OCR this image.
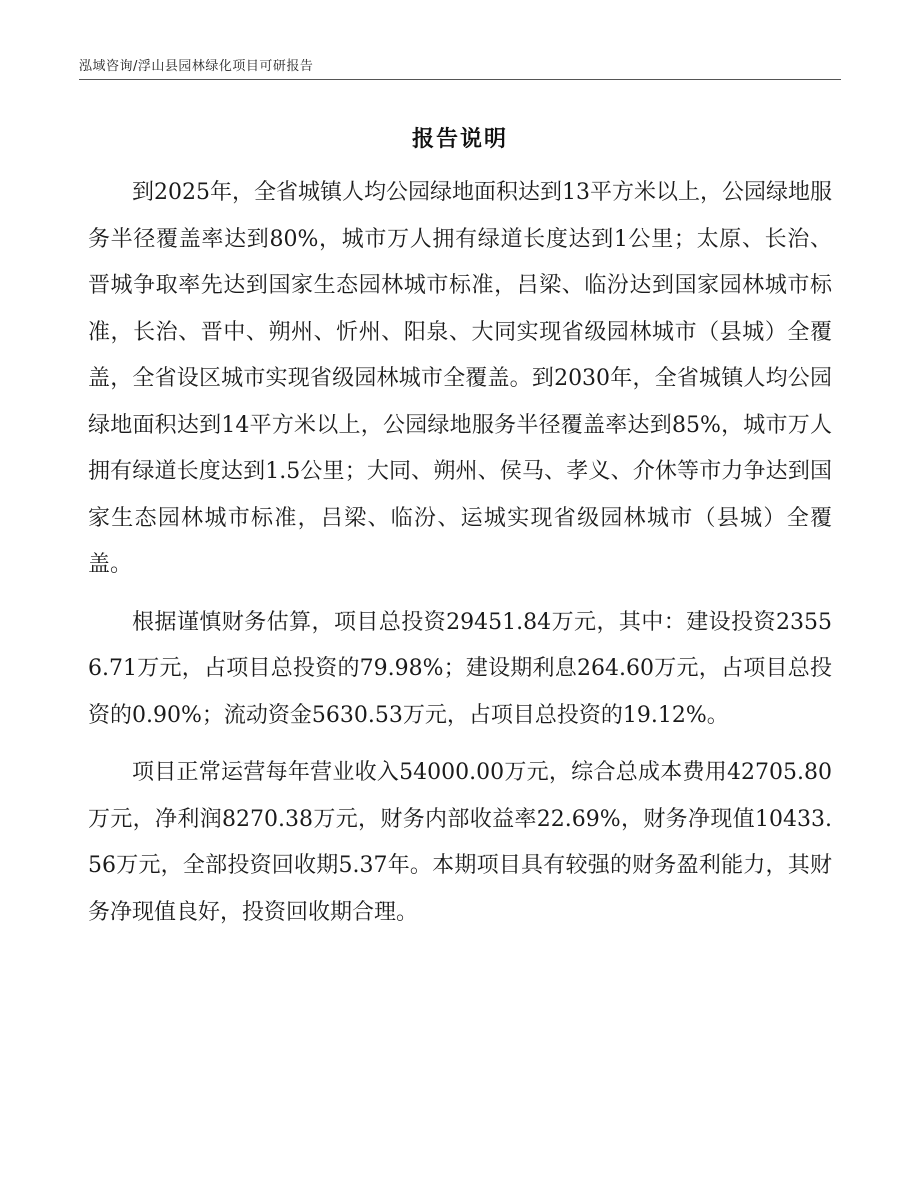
泓域咨询/浮山县园林绿化项目可研报告
报告说明

到2025年，全省城镇人均公园绿地面积达到13平方米以上，公园绿地服务半径覆盖率达到80%，城市万人拥有绿道长度达到1公里；太原、长治、晋城争取率先达到国家生态园林城市标准，吕梁、临汾达到国家园林城市标准，长治、晋中、朔州、忻州、阳泉、大同实现省级园林城市（县城）全覆盖，全省设区城市实现省级园林城市全覆盖。到2030年，全省城镇人均公园绿地面积达到14平方米以上，公园绿地服务半径覆盖率达到85%，城市万人拥有绿道长度达到1.5公里；大同、朔州、侯马、孝义、介休等市力争达到国家生态园林城市标准，吕梁、临汾、运城实现省级园林城市（县城）全覆盖。

根据谨慎财务估算，项目总投资29451.84万元，其中：建设投资23556.71万元，占项目总投资的79.98%；建设期利息264.60万元，占项目总投资的0.90%；流动资金5630.53万元，占项目总投资的19.12%。

项目正常运营每年营业收入54000.00万元，综合总成本费用42705.80万元，净利润8270.38万元，财务内部收益率22.69%，财务净现值10433.56万元，全部投资回收期5.37年。本期项目具有较强的财务盈利能力，其财务净现值良好，投资回收期合理。
